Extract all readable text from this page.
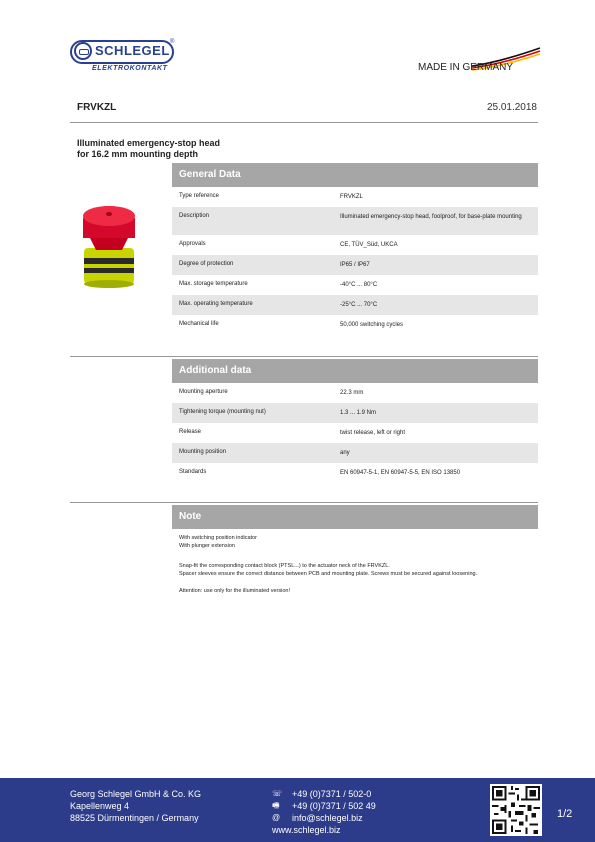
SCHLEGEL
®
ELEKTROKONTAKT	MADE IN GERMANY
FRVKZL	25.01.2018
Illuminated emergency-stop head
for 16.2 mm mounting depth
General Data
Type reference	FRVKZL
Description	Illuminated emergency-stop head, foolproof, for base-plate mounting
Approvals	CE, TÜV_Süd, UKCA
Degree of protection	IP65 / IP67
Max. storage temperature	-40°C ... 80°C
Max. operating temperature	-25°C ... 70°C
Mechanical life	50,000 switching cycles
Additional data
Mounting aperture	22.3 mm
Tightening torque (mounting nut)	1.3 ... 1.9 Nm
Release	twist release, left or right
Mounting position	any
Standards	EN 60947-5-1, EN 60947-5-5, EN ISO 13850
Note
With switching position indicator
With plunger extension
Snap-fit the corresponding contact block (PTSL...) to the actuator neck of the FRVKZL.
Spacer sleeves ensure the correct distance between PCB and mounting plate. Screws must be secured against loosening.
Attention: use only for the illuminated version!
Georg Schlegel GmbH & Co. KG
Kapellenweg 4
88525 Dürmentingen / Germany
☏ +49 (0)7371 / 502-0
🖷	+49 (0)7371 / 502 49
@	info@schlegel.biz
www.schlegel.biz
1/2
